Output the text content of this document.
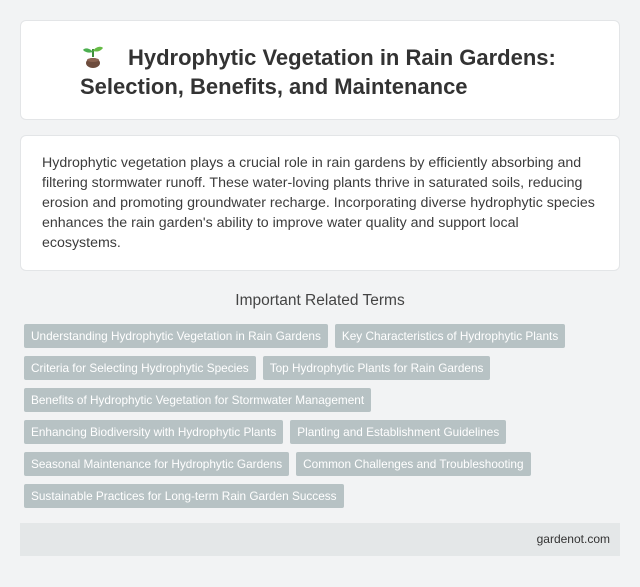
Hydrophytic Vegetation in Rain Gardens: Selection, Benefits, and Maintenance

Hydrophytic vegetation plays a crucial role in rain gardens by efficiently absorbing and filtering stormwater runoff. These water-loving plants thrive in saturated soils, reducing erosion and promoting groundwater recharge. Incorporating diverse hydrophytic species enhances the rain garden's ability to improve water quality and support local ecosystems.

Important Related Terms
Understanding Hydrophytic Vegetation in Rain Gardens Key Characteristics of Hydrophytic Plants
Criteria for Selecting Hydrophytic Species Top Hydrophytic Plants for Rain Gardens
Benefits of Hydrophytic Vegetation for Stormwater Management
Enhancing Biodiversity with Hydrophytic Plants Planting and Establishment Guidelines
Seasonal Maintenance for Hydrophytic Gardens Common Challenges and Troubleshooting
Sustainable Practices for Long-term Rain Garden Success
gardenot.com
